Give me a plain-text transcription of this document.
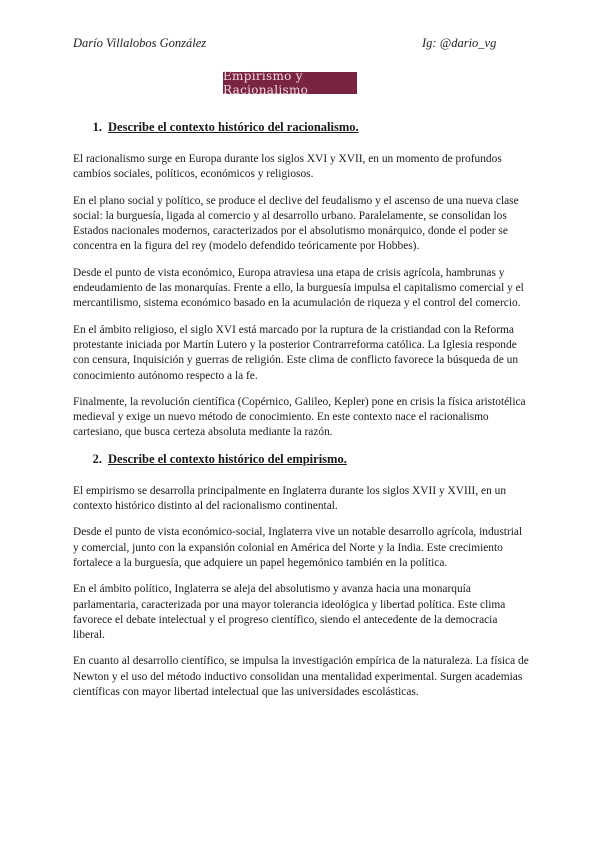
Darío Villalobos González	Ig: @dario_vg
Empirismo y Racionalismo
1. Describe el contexto histórico del racionalismo.

El racionalismo surge en Europa durante los siglos XVI y XVII, en un momento de profundos cambios sociales, políticos, económicos y religiosos.

En el plano social y político, se produce el declive del feudalismo y el ascenso de una nueva clase social: la burguesía, ligada al comercio y al desarrollo urbano. Paralelamente, se consolidan los Estados nacionales modernos, caracterizados por el absolutismo monárquico, donde el poder se concentra en la figura del rey (modelo defendido teóricamente por Hobbes).

Desde el punto de vista económico, Europa atraviesa una etapa de crisis agrícola, hambrunas y endeudamiento de las monarquías. Frente a ello, la burguesía impulsa el capitalismo comercial y el mercantilismo, sistema económico basado en la acumulación de riqueza y el control del comercio.

En el ámbito religioso, el siglo XVI está marcado por la ruptura de la cristiandad con la Reforma protestante iniciada por Martín Lutero y la posterior Contrarreforma católica. La Iglesia responde con censura, Inquisición y guerras de religión. Este clima de conflicto favorece la búsqueda de un conocimiento autónomo respecto a la fe.

Finalmente, la revolución científica (Copérnico, Galileo, Kepler) pone en crisis la física aristotélica medieval y exige un nuevo método de conocimiento. En este contexto nace el racionalismo cartesiano, que busca certeza absoluta mediante la razón.

2. Describe el contexto histórico del empirismo.

El empirismo se desarrolla principalmente en Inglaterra durante los siglos XVII y XVIII, en un contexto histórico distinto al del racionalismo continental.

Desde el punto de vista económico-social, Inglaterra vive un notable desarrollo agrícola, industrial y comercial, junto con la expansión colonial en América del Norte y la India. Este crecimiento fortalece a la burguesía, que adquiere un papel hegemónico también en la política.

En el ámbito político, Inglaterra se aleja del absolutismo y avanza hacia una monarquía parlamentaria, caracterizada por una mayor tolerancia ideológica y libertad política. Este clima favorece el debate intelectual y el progreso científico, siendo el antecedente de la democracia liberal.

En cuanto al desarrollo científico, se impulsa la investigación empírica de la naturaleza. La física de Newton y el uso del método inductivo consolidan una mentalidad experimental. Surgen academias científicas con mayor libertad intelectual que las universidades escolásticas.
